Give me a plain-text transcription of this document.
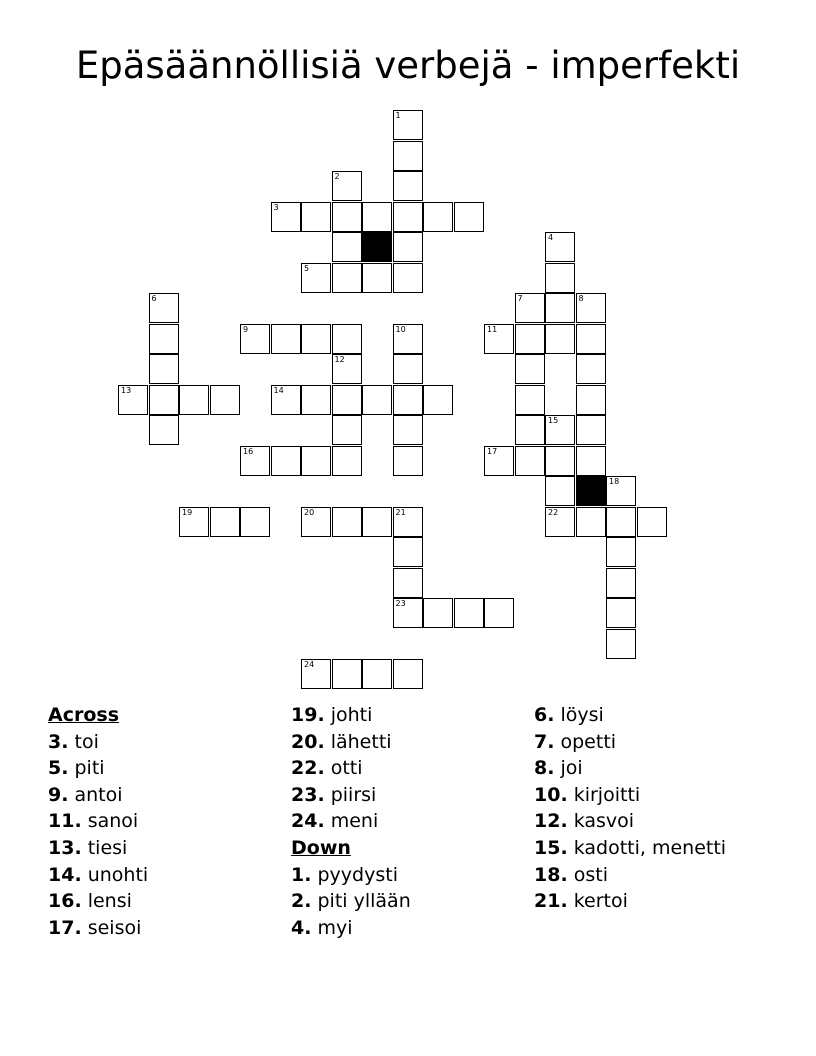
Epäsäännöllisiä verbejä - imperfekti
1
2
3
4
5
6	7	8
9	10	11
12
13	14
15
16	17
18
19	20	21	22
23
24
Across
3. toi
5. piti
9. antoi
11. sanoi
13. tiesi
14. unohti
16. lensi
17. seisoi
19. johti
20. lähetti
22. otti
23. piirsi
24. meni
Down
1. pyydysti
2. piti yllään
4. myi
6. löysi
7. opetti
8. joi
10. kirjoitti
12. kasvoi
15. kadotti, menetti
18. osti
21. kertoi
